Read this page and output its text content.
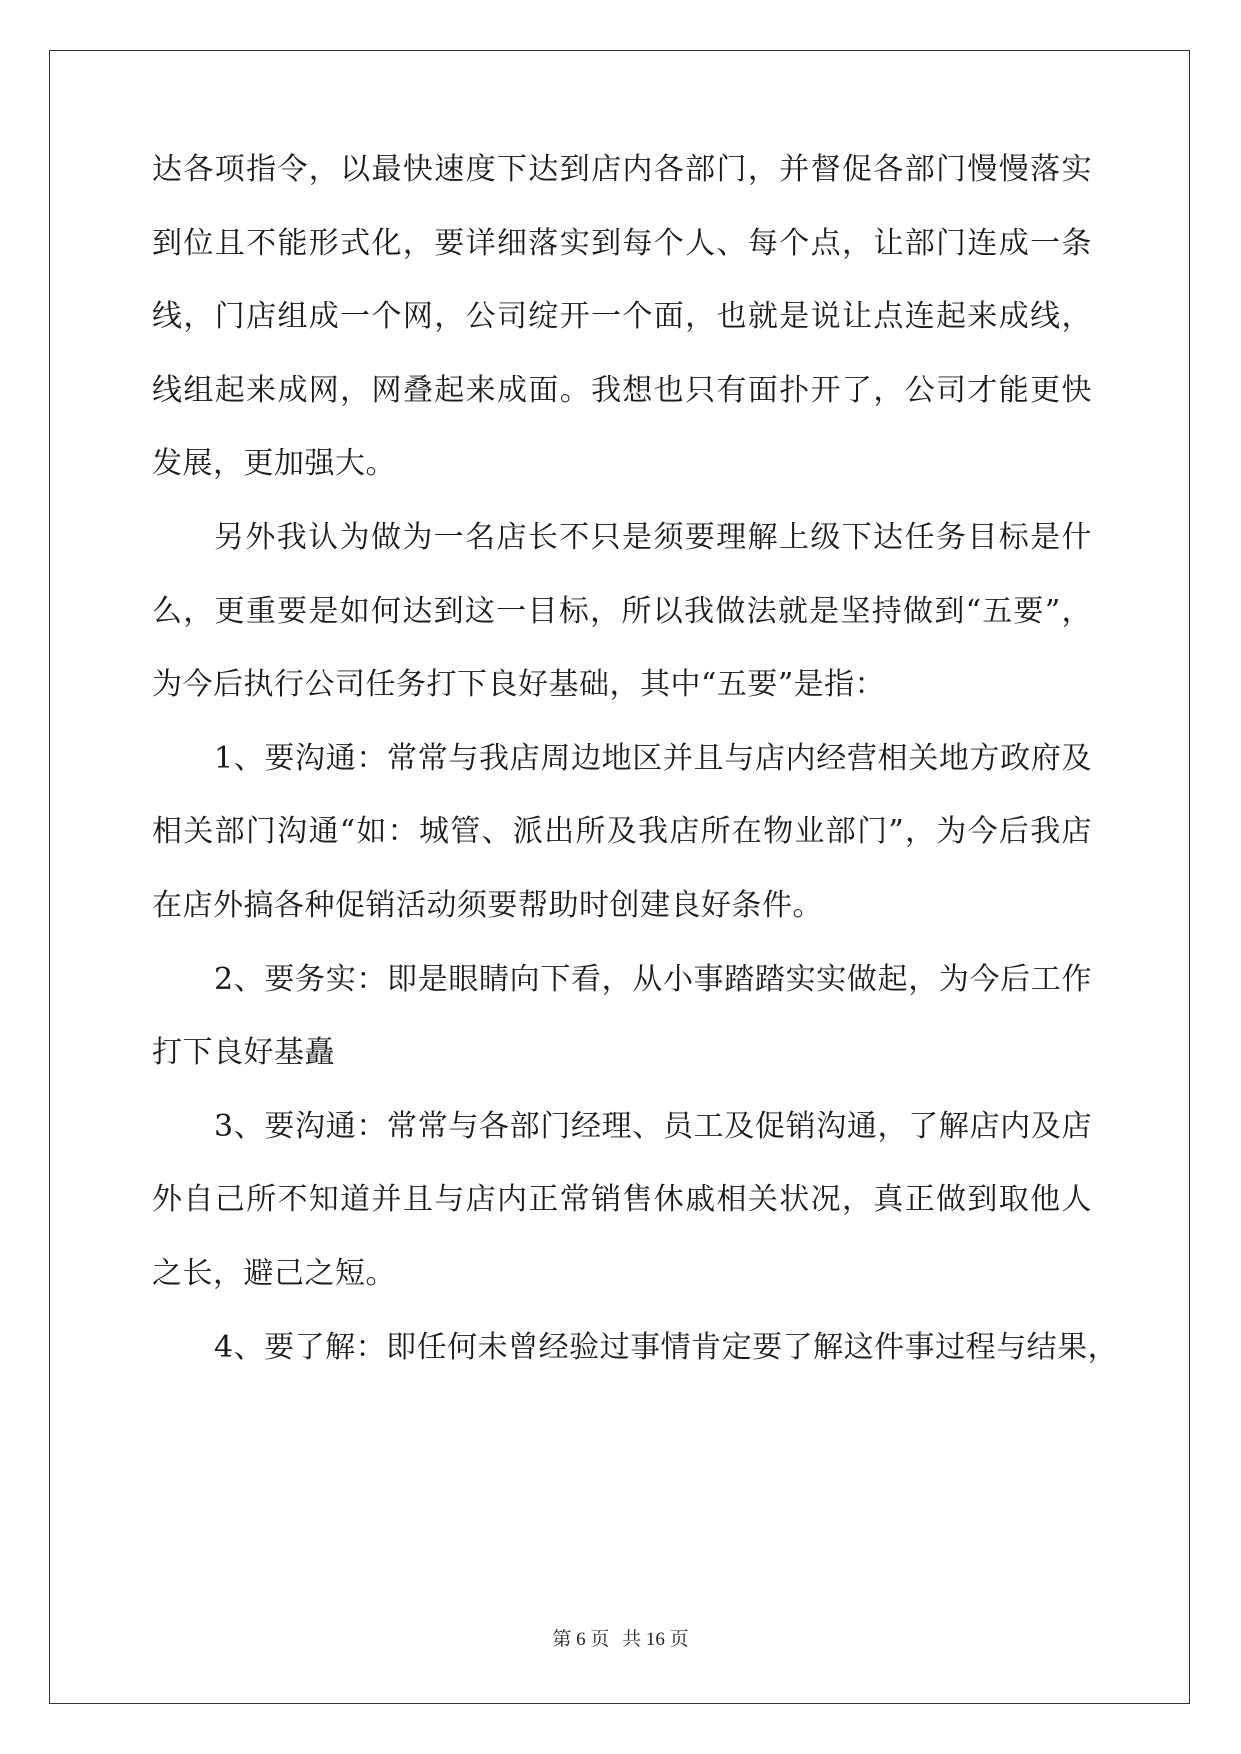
达各项指令，以最快速度下达到店内各部门，并督促各部门慢慢落实
到位且不能形式化，要详细落实到每个人、每个点，让部门连成一条
线，门店组成一个网，公司绽开一个面，也就是说让点连起来成线，
线组起来成网，网叠起来成面。我想也只有面扑开了，公司才能更快
发展，更加强大。
另外我认为做为一名店长不只是须要理解上级下达任务目标是什
么，更重要是如何达到这一目标，所以我做法就是坚持做到“五要”，
为今后执行公司任务打下良好基础，其中“五要”是指：
1、要沟通：常常与我店周边地区并且与店内经营相关地方政府及
相关部门沟通“如：城管、派出所及我店所在物业部门”，为今后我店
在店外搞各种促销活动须要帮助时创建良好条件。
2、要务实：即是眼睛向下看，从小事踏踏实实做起，为今后工作
打下良好基矗
3、要沟通：常常与各部门经理、员工及促销沟通，了解店内及店
外自己所不知道并且与店内正常销售休戚相关状况，真正做到取他人
之长，避己之短。
4、要了解：即任何未曾经验过事情肯定要了解这件事过程与结果，
第 6 页 共 16 页
